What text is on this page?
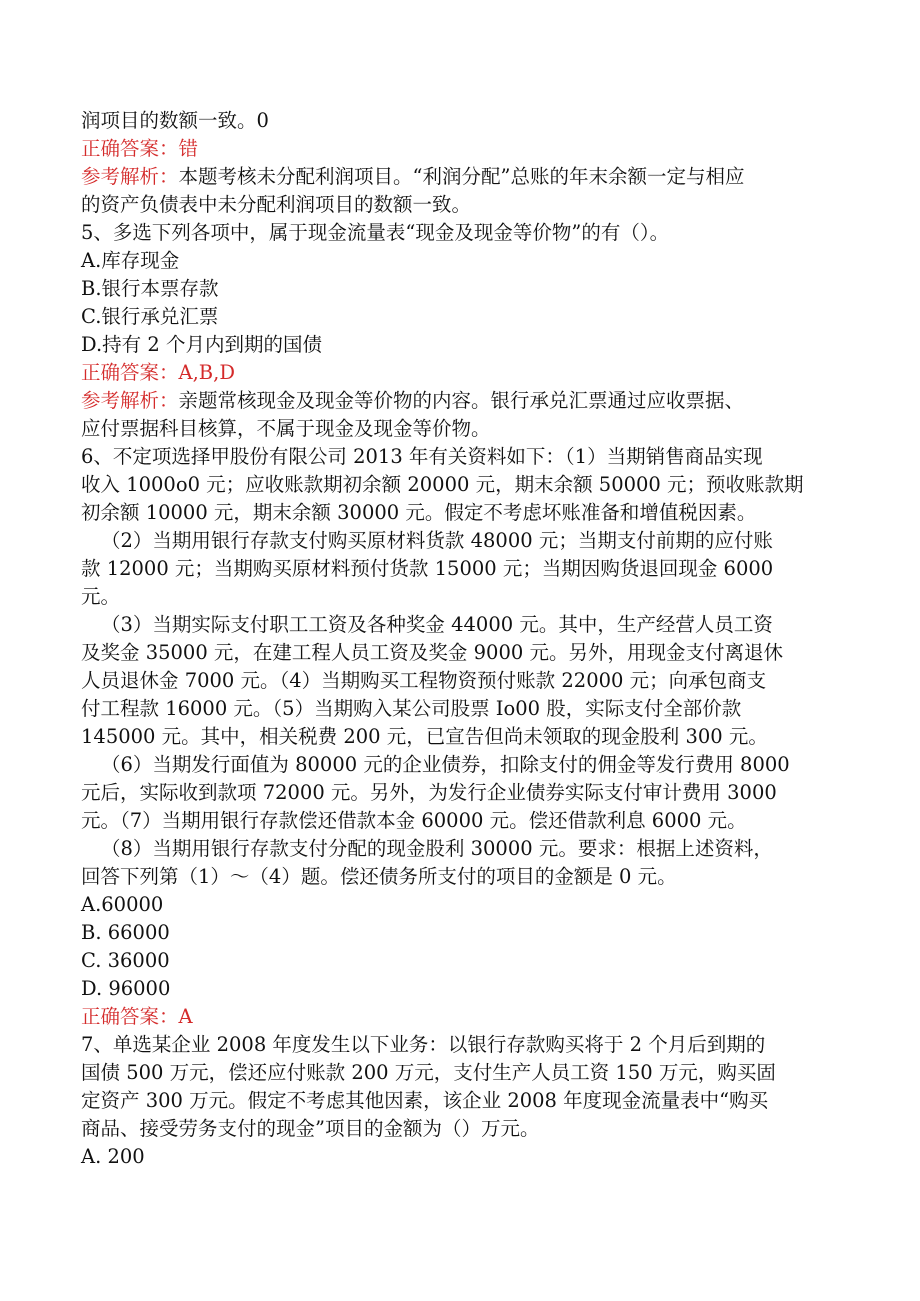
润项目的数额一致。0

正确答案：错

参考解析：本题考核未分配利润项目。“利润分配”总账的年末余额一定与相应

的资产负债表中未分配利润项目的数额一致。

5、多选下列各项中，属于现金流量表“现金及现金等价物”的有（）。

A.库存现金

B.银行本票存款

C.银行承兑汇票

D.持有 2 个月内到期的国债

正确答案：A,B,D

参考解析：亲题常核现金及现金等价物的内容。银行承兑汇票通过应收票据、

应付票据科目核算，不属于现金及现金等价物。

6、不定项选择甲股份有限公司 2013 年有关资料如下：（1）当期销售商品实现

收入 1000o0 元；应收账款期初余额 20000 元，期末余额 50000 元；预收账款期

初余额 10000 元，期末余额 30000 元。假定不考虑坏账准备和增值税因素。

（2）当期用银行存款支付购买原材料货款 48000 元；当期支付前期的应付账

款 12000 元；当期购买原材料预付货款 15000 元；当期因购货退回现金 6000

元。

（3）当期实际支付职工工资及各种奖金 44000 元。其中，生产经营人员工资

及奖金 35000 元，在建工程人员工资及奖金 9000 元。另外，用现金支付离退休

人员退休金 7000 元。（4）当期购买工程物资预付账款 22000 元；向承包商支

付工程款 16000 元。（5）当期购入某公司股票 Io00 股，实际支付全部价款

145000 元。其中，相关税费 200 元，已宣告但尚未领取的现金股利 300 元。

（6）当期发行面值为 80000 元的企业债券，扣除支付的佣金等发行费用 8000

元后，实际收到款项 72000 元。另外，为发行企业债券实际支付审计费用 3000

元。（7）当期用银行存款偿还借款本金 60000 元。偿还借款利息 6000 元。

（8）当期用银行存款支付分配的现金股利 30000 元。要求：根据上述资料，

回答下列第（1）～（4）题。偿还债务所支付的项目的金额是 0 元。

A.60000

B. 66000

C. 36000

D. 96000

正确答案：A

7、单选某企业 2008 年度发生以下业务：以银行存款购买将于 2 个月后到期的

国债 500 万元，偿还应付账款 200 万元，支付生产人员工资 150 万元，购买固

定资产 300 万元。假定不考虑其他因素，该企业 2008 年度现金流量表中“购买

商品、接受劳务支付的现金”项目的金额为（）万元。

A. 200
